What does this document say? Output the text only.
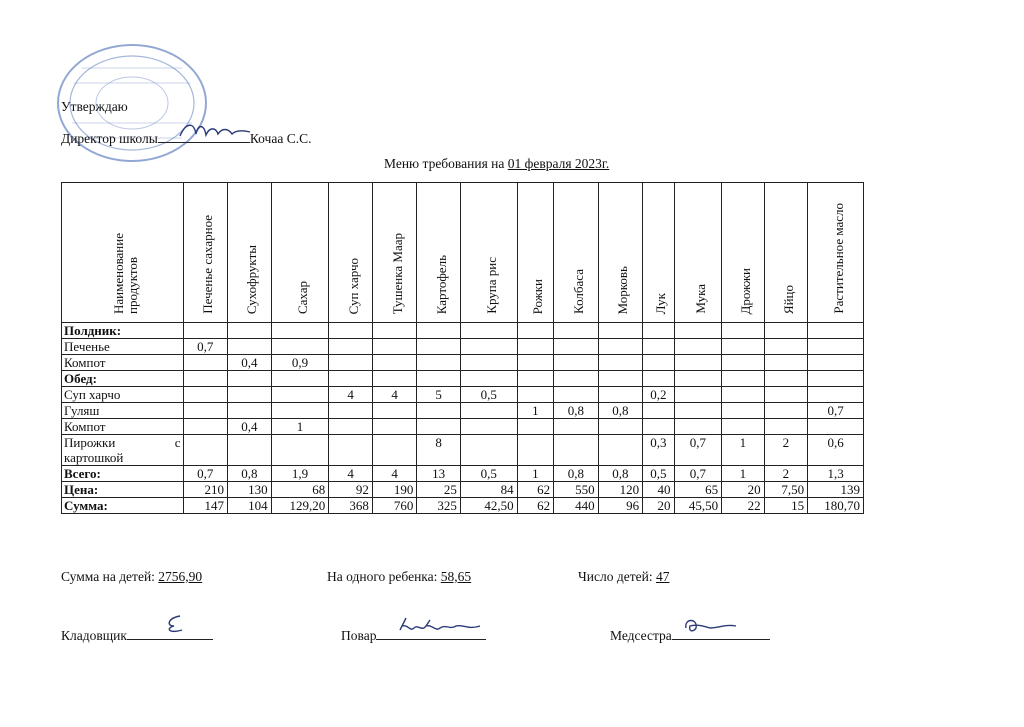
Утверждаю
Директор школы	Кочаа С.С.
Меню требования на 01 февраля 2023г.
Наименование продуктов	Печенье сахарное	Сухофрукты	Сахар	Суп харчо	Тушенка Маар	Картофель	Крупа рис	Рожки	Колбаса	Морковь	Лук	Мука	Дрожжи	Яйцо	Растительное масло
Полдник:															
Печенье	0,7														
Компот		0,4	0,9												
Обед:															
Суп харчо				4	4	5	0,5				0,2				
Гуляш								1	0,8	0,8					0,7
Компот		0,4	1												
Пирожки с картошкой						8					0,3	0,7	1	2	0,6
Всего:	0,7	0,8	1,9	4	4	13	0,5	1	0,8	0,8	0,5	0,7	1	2	1,3
Цена:	210	130	68	92	190	25	84	62	550	120	40	65	20	7,50	139
Сумма:	147	104	129,20	368	760	325	42,50	62	440	96	20	45,50	22	15	180,70
Сумма на детей: 2756,90	На одного ребенка: 58,65	Число детей: 47
Кладовщик	Повар	Медсестра
